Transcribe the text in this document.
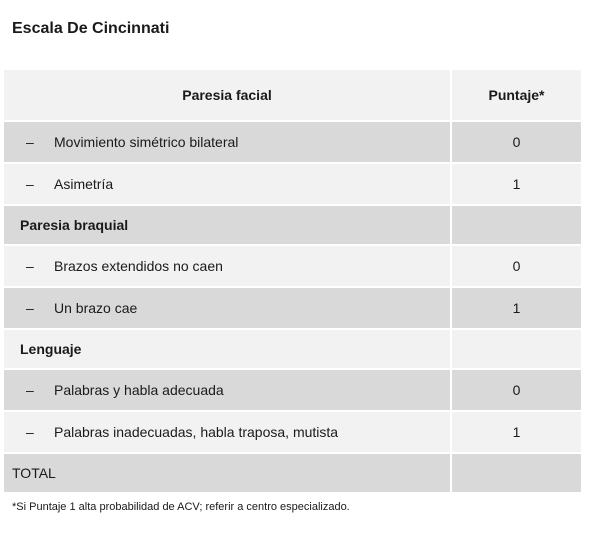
Escala De Cincinnati
Paresia facial	Puntaje*
–	Movimiento simétrico bilateral	0
–	Asimetría	1
Paresia braquial
–	Brazos extendidos no caen	0
–	Un brazo cae	1
Lenguaje
–	Palabras y habla adecuada	0
–	Palabras inadecuadas, habla traposa, mutista	1
TOTAL
*Si Puntaje 1 alta probabilidad de ACV; referir a centro especializado.
